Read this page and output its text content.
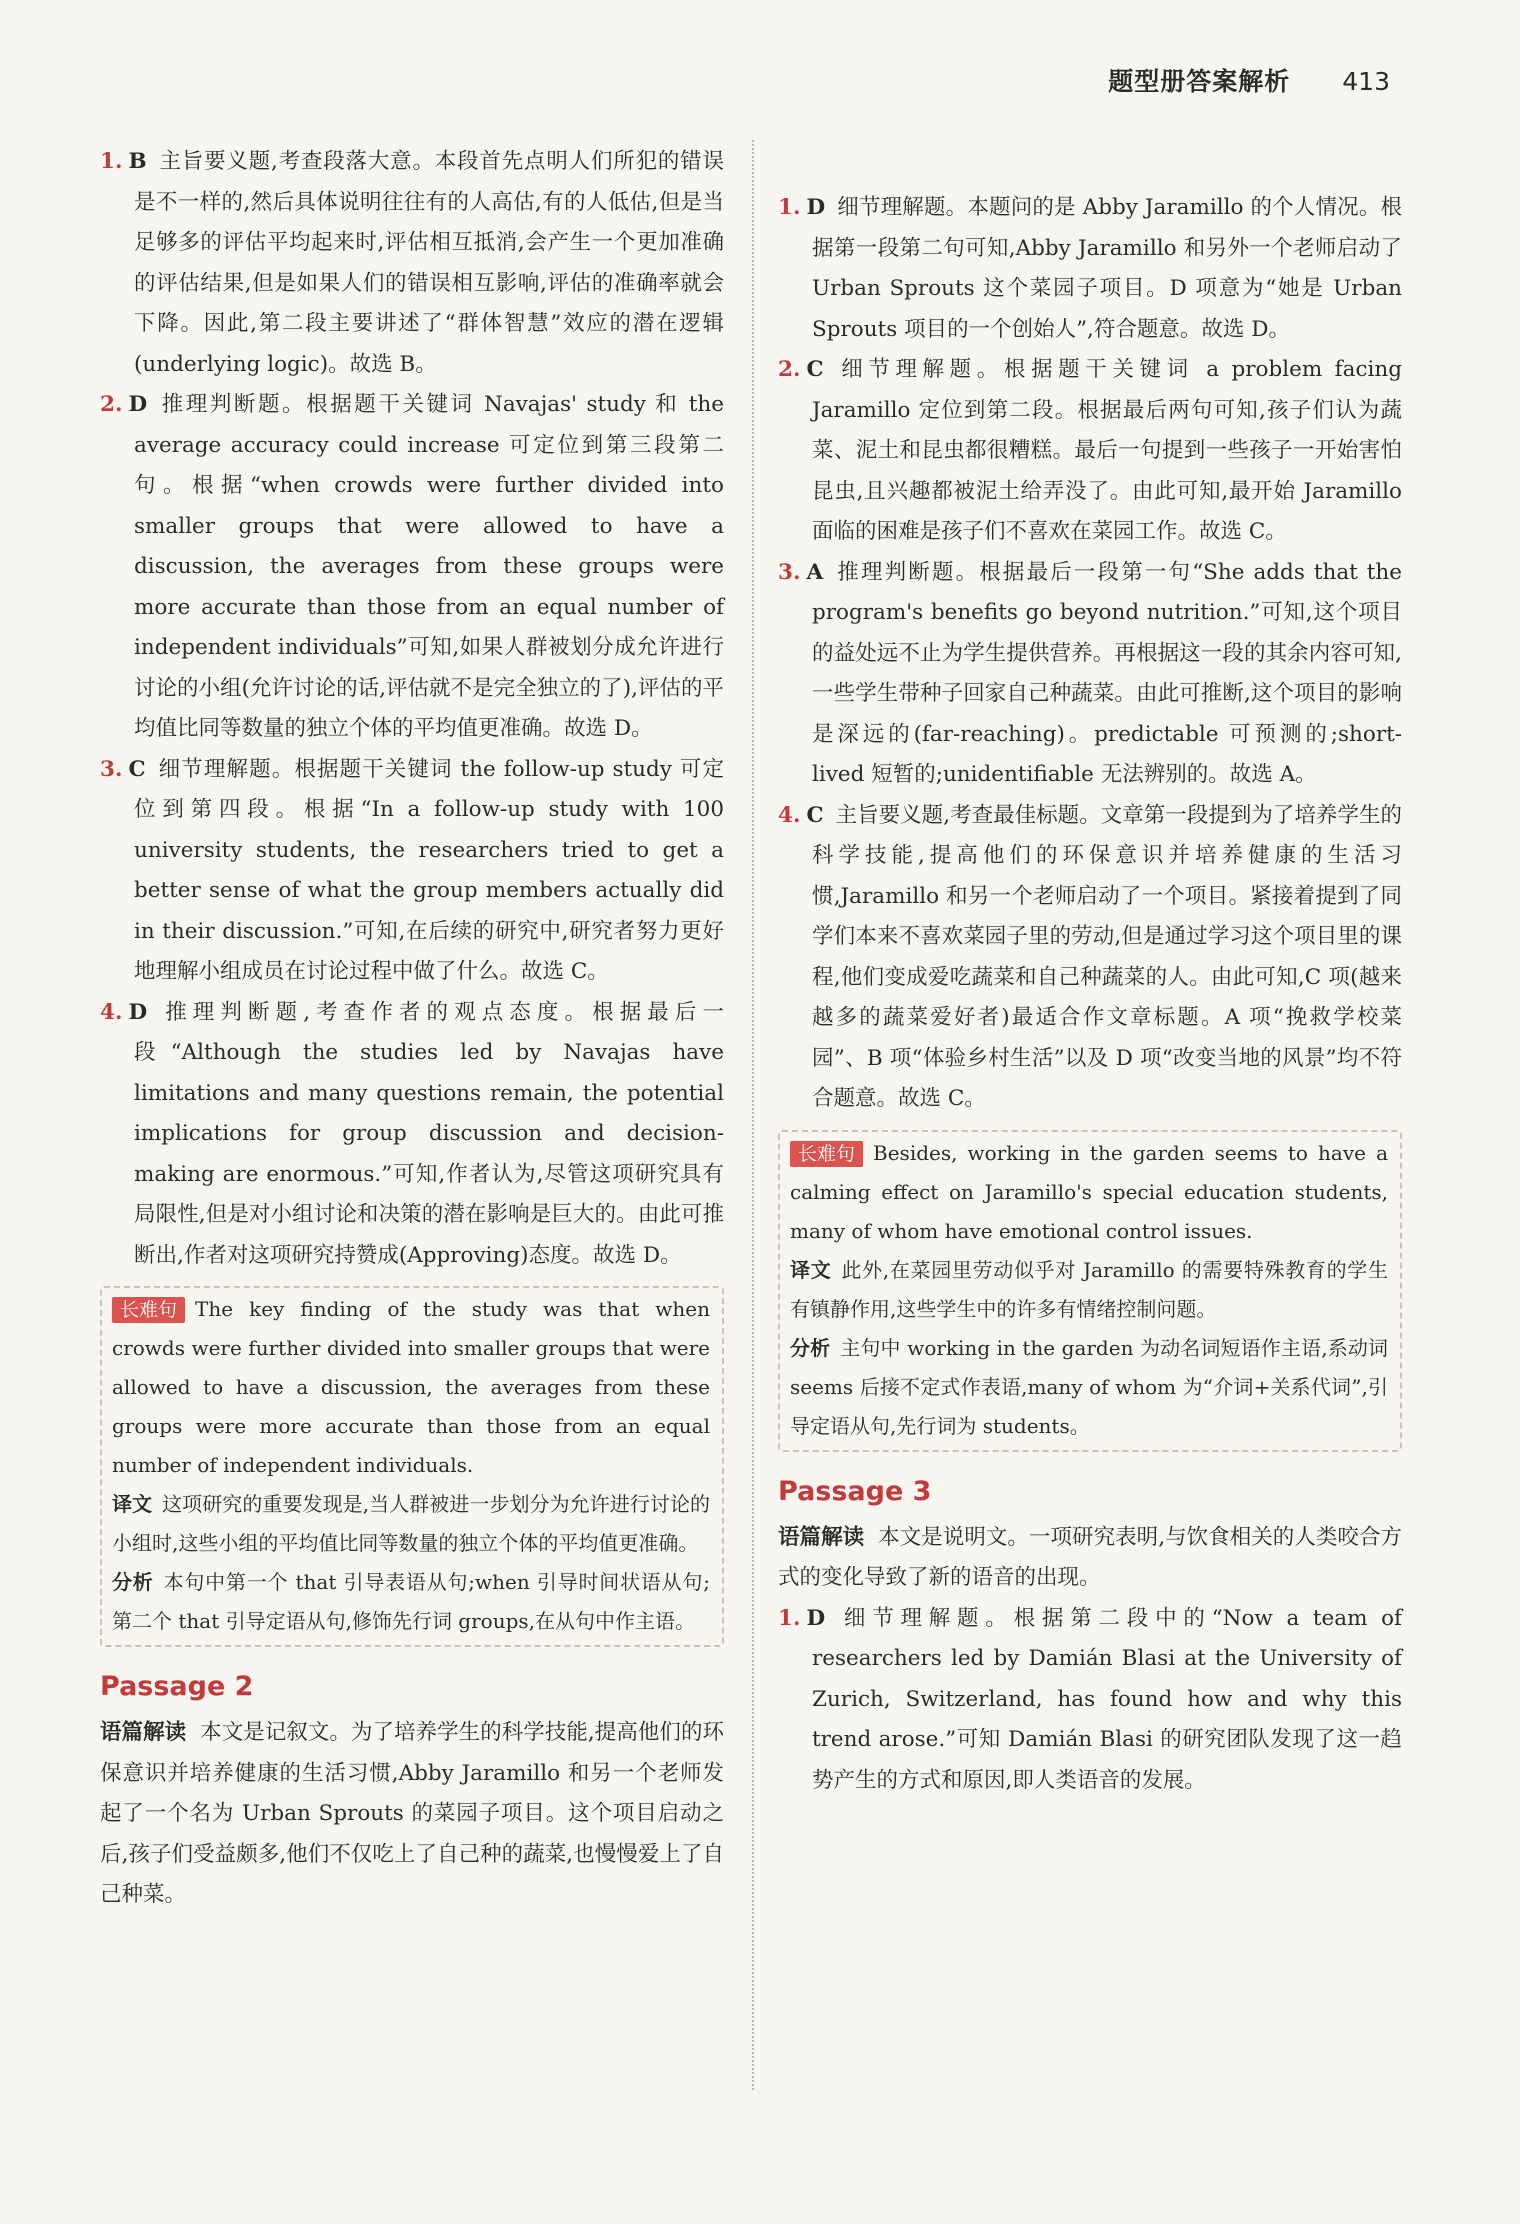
题型册答案解析 413

1. B 主旨要义题,考查段落大意。本段首先点明人们所犯的错误是不一样的,然后具体说明往往有的人高估,有的人低估,但是当足够多的评估平均起来时,评估相互抵消,会产生一个更加准确的评估结果,但是如果人们的错误相互影响,评估的准确率就会下降。因此,第二段主要讲述了“群体智慧”效应的潜在逻辑(underlying logic)。故选 B。

2. D 推理判断题。根据题干关键词 Navajas' study 和 the average accuracy could increase 可定位到第三段第二句。根据“when crowds were further divided into smaller groups that were allowed to have a discussion, the averages from these groups were more accurate than those from an equal number of independent individuals”可知,如果人群被划分成允许进行讨论的小组(允许讨论的话,评估就不是完全独立的了),评估的平均值比同等数量的独立个体的平均值更准确。故选 D。

3. C 细节理解题。根据题干关键词 the follow-up study 可定位到第四段。根据“In a follow-up study with 100 university students, the researchers tried to get a better sense of what the group members actually did in their discussion.”可知,在后续的研究中,研究者努力更好地理解小组成员在讨论过程中做了什么。故选 C。

4. D 推理判断题,考查作者的观点态度。根据最后一段“Although the studies led by Navajas have limitations and many questions remain, the potential implications for group discussion and decision-making are enormous.”可知,作者认为,尽管这项研究具有局限性,但是对小组讨论和决策的潜在影响是巨大的。由此可推断出,作者对这项研究持赞成(Approving)态度。故选 D。

长难句 The key finding of the study was that when crowds were further divided into smaller groups that were allowed to have a discussion, the averages from these groups were more accurate than those from an equal number of independent individuals.
译文 这项研究的重要发现是,当人群被进一步划分为允许进行讨论的小组时,这些小组的平均值比同等数量的独立个体的平均值更准确。
分析 本句中第一个 that 引导表语从句;when 引导时间状语从句;第二个 that 引导定语从句,修饰先行词 groups,在从句中作主语。
Passage 2

语篇解读 本文是记叙文。为了培养学生的科学技能,提高他们的环保意识并培养健康的生活习惯,Abby Jaramillo 和另一个老师发起了一个名为 Urban Sprouts 的菜园子项目。这个项目启动之后,孩子们受益颇多,他们不仅吃上了自己种的蔬菜,也慢慢爱上了自己种菜。

1. D 细节理解题。本题问的是 Abby Jaramillo 的个人情况。根据第一段第二句可知,Abby Jaramillo 和另外一个老师启动了 Urban Sprouts 这个菜园子项目。D 项意为“她是 Urban Sprouts 项目的一个创始人”,符合题意。故选 D。

2. C 细节理解题。根据题干关键词 a problem facing Jaramillo 定位到第二段。根据最后两句可知,孩子们认为蔬菜、泥土和昆虫都很糟糕。最后一句提到一些孩子一开始害怕昆虫,且兴趣都被泥土给弄没了。由此可知,最开始 Jaramillo 面临的困难是孩子们不喜欢在菜园工作。故选 C。

3. A 推理判断题。根据最后一段第一句“She adds that the program's benefits go beyond nutrition.”可知,这个项目的益处远不止为学生提供营养。再根据这一段的其余内容可知,一些学生带种子回家自己种蔬菜。由此可推断,这个项目的影响是深远的(far-reaching)。predictable 可预测的;short-lived 短暂的;unidentifiable 无法辨别的。故选 A。

4. C 主旨要义题,考查最佳标题。文章第一段提到为了培养学生的科学技能,提高他们的环保意识并培养健康的生活习惯,Jaramillo 和另一个老师启动了一个项目。紧接着提到了同学们本来不喜欢菜园子里的劳动,但是通过学习这个项目里的课程,他们变成爱吃蔬菜和自己种蔬菜的人。由此可知,C 项(越来越多的蔬菜爱好者)最适合作文章标题。A 项“挽救学校菜园”、B 项“体验乡村生活”以及 D 项“改变当地的风景”均不符合题意。故选 C。

长难句 Besides, working in the garden seems to have a calming effect on Jaramillo's special education students, many of whom have emotional control issues.
译文 此外,在菜园里劳动似乎对 Jaramillo 的需要特殊教育的学生有镇静作用,这些学生中的许多有情绪控制问题。
分析 主句中 working in the garden 为动名词短语作主语,系动词 seems 后接不定式作表语,many of whom 为“介词+关系代词”,引导定语从句,先行词为 students。
Passage 3

语篇解读 本文是说明文。一项研究表明,与饮食相关的人类咬合方式的变化导致了新的语音的出现。

1. D 细节理解题。根据第二段中的“Now a team of researchers led by Damián Blasi at the University of Zurich, Switzerland, has found how and why this trend arose.”可知 Damián Blasi 的研究团队发现了这一趋势产生的方式和原因,即人类语音的发展。
